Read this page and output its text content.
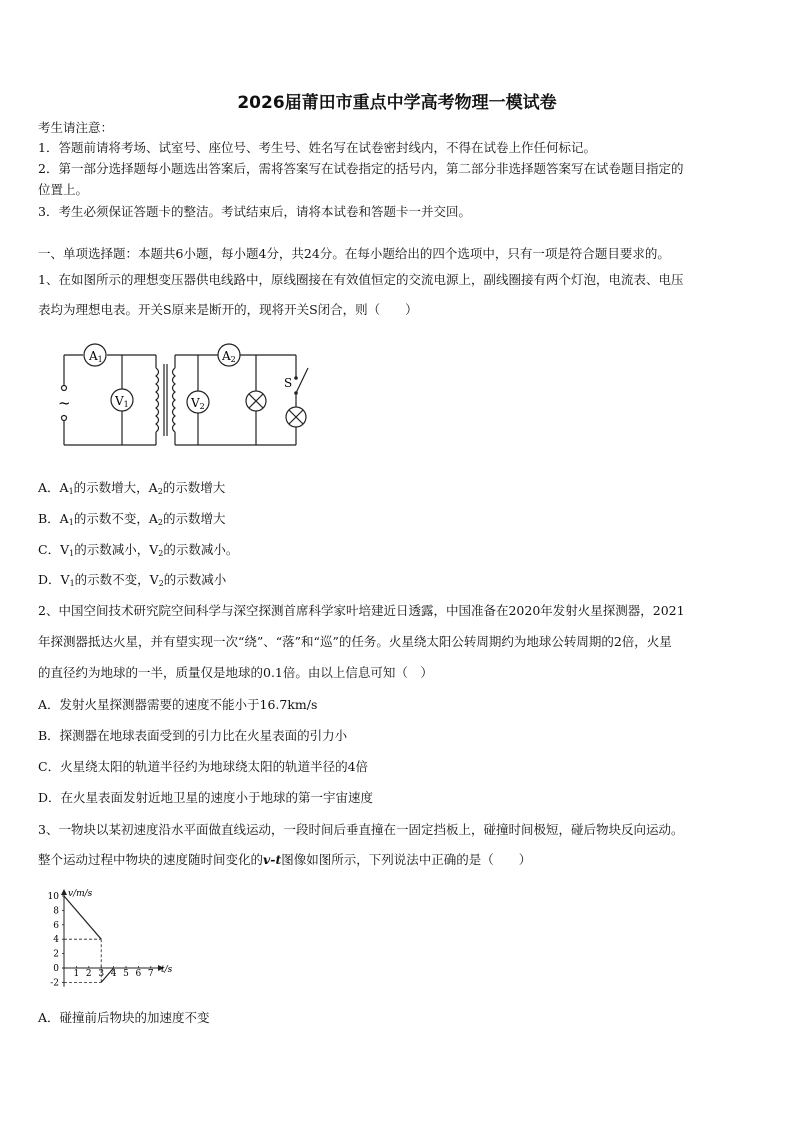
2026届莆田市重点中学高考物理一模试卷
考生请注意：
1．答题前请将考场、试室号、座位号、考生号、姓名写在试卷密封线内，不得在试卷上作任何标记。
2．第一部分选择题每小题选出答案后，需将答案写在试卷指定的括号内，第二部分非选择题答案写在试卷题目指定的
位置上。
3．考生必须保证答题卡的整洁。考试结束后，请将本试卷和答题卡一并交回。
一、单项选择题：本题共6小题，每小题4分，共24分。在每小题给出的四个选项中，只有一项是符合题目要求的。
1、在如图所示的理想变压器供电线路中，原线圈接在有效值恒定的交流电源上，副线圈接有两个灯泡，电流表、电压
表均为理想电表。开关S原来是断开的，现将开关S闭合，则（　　）
~
A1
V1
A2
V2
S
A．$A_1$的示数增大，$A_2$的示数增大
B．$A_1$的示数不变，$A_2$的示数增大
C．$V_1$的示数减小，$V_2$的示数减小。
D．$V_1$的示数不变，$V_2$的示数减小
2、中国空间技术研究院空间科学与深空探测首席科学家叶培建近日透露，中国准备在2020年发射火星探测器，2021
年探测器抵达火星，并有望实现一次“绕”、“落”和“巡”的任务。火星绕太阳公转周期约为地球公转周期的2倍，火星
的直径约为地球的一半，质量仅是地球的0.1倍。由以上信息可知（　）
A．发射火星探测器需要的速度不能小于16.7km/s
B．探测器在地球表面受到的引力比在火星表面的引力小
C．火星绕太阳的轨道半径约为地球绕太阳的轨道半径的4倍
D．在火星表面发射近地卫星的速度小于地球的第一宇宙速度
3、一物块以某初速度沿水平面做直线运动，一段时间后垂直撞在一固定挡板上，碰撞时间极短，碰后物块反向运动。
整个运动过程中物块的速度随时间变化的v-t图像如图所示，下列说法中正确的是（　　）
v/m/s
t/s
10
8
6
4
2
0
-2
1 2 3 4 5 6 7
A．碰撞前后物块的加速度不变
